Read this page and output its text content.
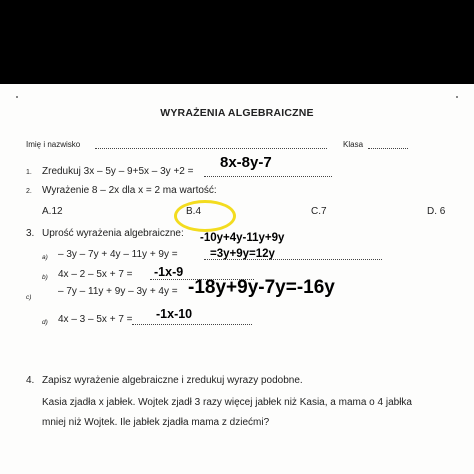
WYRAŻENIA ALGEBRAICZNE
Imię i nazwisko	Klasa
1. Zredukuj 3x – 5y – 9+5x – 3y +2 =
8x-8y-7
2. Wyrażenie 8 – 2x dla x = 2 ma wartość:
A.12	B.4	C.7	D. 6
3. Uprość wyrażenia algebraiczne:
a) – 3y – 7y + 4y – 11y + 9y =
-10y+4y-11y+9y
=3y+9y=12y
b) 4x – 2 – 5x + 7 = -1x-9
c)
– 7y – 11y + 9y – 3y + 4y = -18y+9y-7y=-16y
d) 4x – 3 – 5x + 7 = -1x-10
4. Zapisz wyrażenie algebraiczne i zredukuj wyrazy podobne.
Kasia zjadła x jabłek. Wojtek zjadł 3 razy więcej jabłek niż Kasia, a mama o 4 jabłka
mniej niż Wojtek. Ile jabłek zjadła mama z dziećmi?
